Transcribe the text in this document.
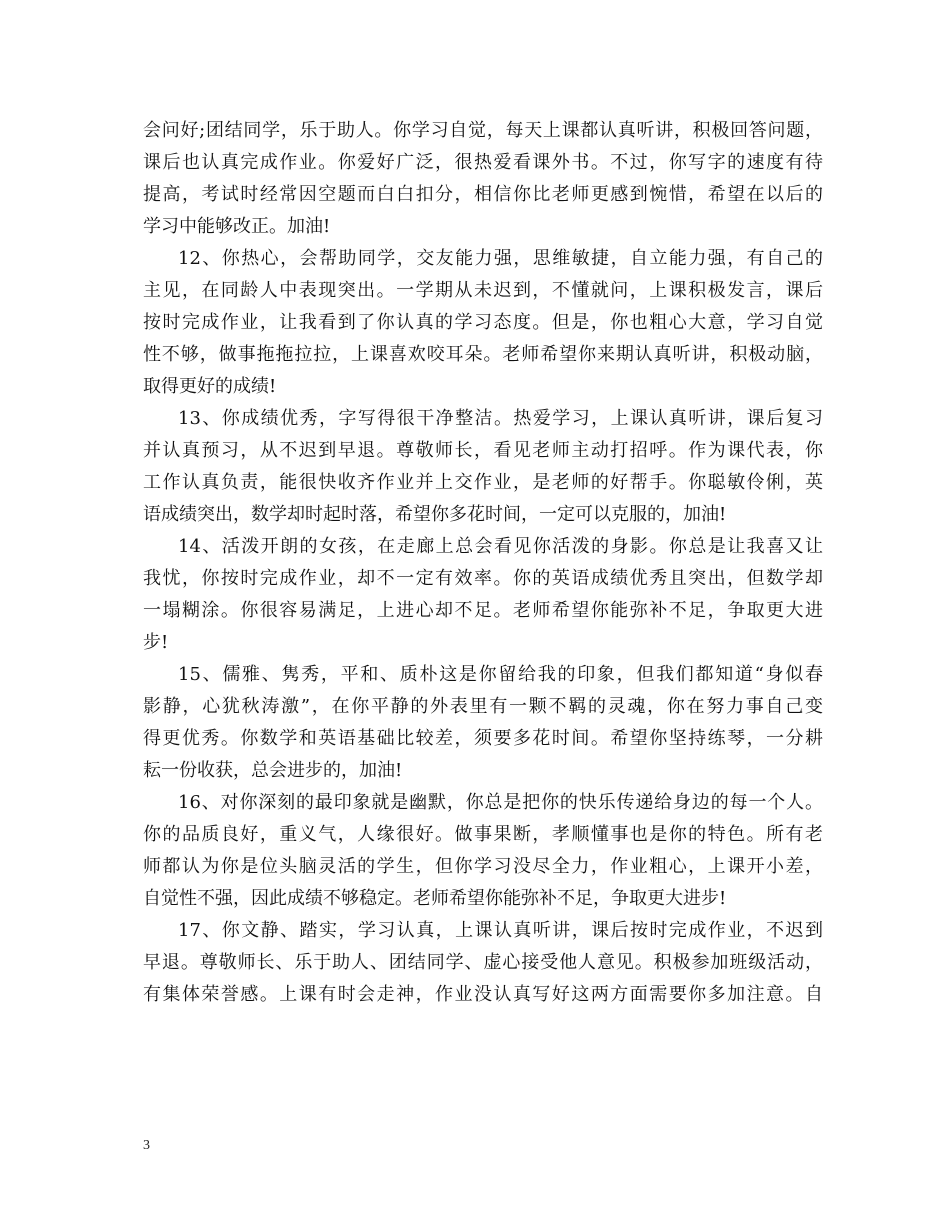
会问好;团结同学，乐于助人。你学习自觉，每天上课都认真听讲，积极回答问题，
课后也认真完成作业。你爱好广泛，很热爱看课外书。不过，你写字的速度有待
提高，考试时经常因空题而白白扣分，相信你比老师更感到惋惜，希望在以后的
学习中能够改正。加油!
12、你热心，会帮助同学，交友能力强，思维敏捷，自立能力强，有自己的
主见，在同龄人中表现突出。一学期从未迟到，不懂就问，上课积极发言，课后
按时完成作业，让我看到了你认真的学习态度。但是，你也粗心大意，学习自觉
性不够，做事拖拖拉拉，上课喜欢咬耳朵。老师希望你来期认真听讲，积极动脑，
取得更好的成绩!
13、你成绩优秀，字写得很干净整洁。热爱学习，上课认真听讲，课后复习
并认真预习，从不迟到早退。尊敬师长，看见老师主动打招呼。作为课代表，你
工作认真负责，能很快收齐作业并上交作业，是老师的好帮手。你聪敏伶俐，英
语成绩突出，数学却时起时落，希望你多花时间，一定可以克服的，加油!
14、活泼开朗的女孩，在走廊上总会看见你活泼的身影。你总是让我喜又让
我忧，你按时完成作业，却不一定有效率。你的英语成绩优秀且突出，但数学却
一塌糊涂。你很容易满足，上进心却不足。老师希望你能弥补不足，争取更大进
步!
15、儒雅、隽秀，平和、质朴这是你留给我的印象，但我们都知道“身似春
影静，心犹秋涛激”，在你平静的外表里有一颗不羁的灵魂，你在努力事自己变
得更优秀。你数学和英语基础比较差，须要多花时间。希望你坚持练琴，一分耕
耘一份收获，总会进步的，加油!
16、对你深刻的最印象就是幽默，你总是把你的快乐传递给身边的每一个人。
你的品质良好，重义气，人缘很好。做事果断，孝顺懂事也是你的特色。所有老
师都认为你是位头脑灵活的学生，但你学习没尽全力，作业粗心，上课开小差，
自觉性不强，因此成绩不够稳定。老师希望你能弥补不足，争取更大进步!
17、你文静、踏实，学习认真，上课认真听讲，课后按时完成作业，不迟到
早退。尊敬师长、乐于助人、团结同学、虚心接受他人意见。积极参加班级活动，
有集体荣誉感。上课有时会走神，作业没认真写好这两方面需要你多加注意。自
3
